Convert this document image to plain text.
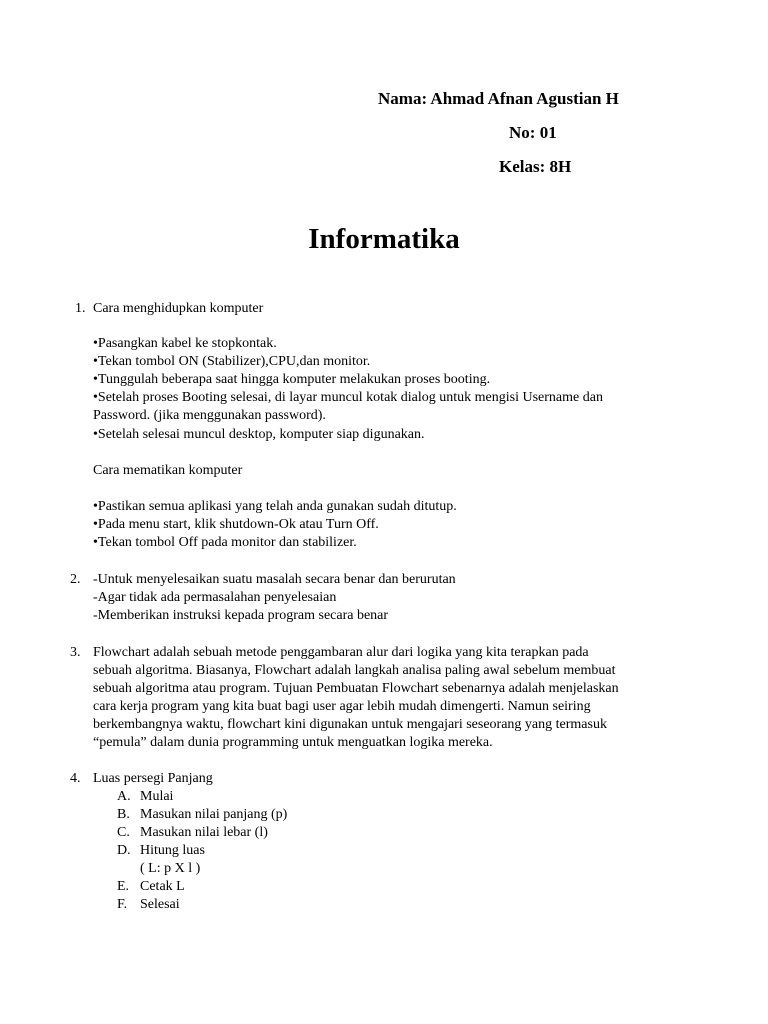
Nama: Ahmad Afnan Agustian H
No: 01
Kelas: 8H
Informatika
1. Cara menghidupkan komputer
•Pasangkan kabel ke stopkontak.
•Tekan tombol ON (Stabilizer),CPU,dan monitor.
•Tunggulah beberapa saat hingga komputer melakukan proses booting.
•Setelah proses Booting selesai, di layar muncul kotak dialog untuk mengisi Username dan
Password. (jika menggunakan password).
•Setelah selesai muncul desktop, komputer siap digunakan.
Cara mematikan komputer
•Pastikan semua aplikasi yang telah anda gunakan sudah ditutup.
•Pada menu start, klik shutdown-Ok atau Turn Off.
•Tekan tombol Off pada monitor dan stabilizer.
2. -Untuk menyelesaikan suatu masalah secara benar dan berurutan
-Agar tidak ada permasalahan penyelesaian
-Memberikan instruksi kepada program secara benar
3. Flowchart adalah sebuah metode penggambaran alur dari logika yang kita terapkan pada
sebuah algoritma. Biasanya, Flowchart adalah langkah analisa paling awal sebelum membuat
sebuah algoritma atau program. Tujuan Pembuatan Flowchart sebenarnya adalah menjelaskan
cara kerja program yang kita buat bagi user agar lebih mudah dimengerti. Namun seiring
berkembangnya waktu, flowchart kini digunakan untuk mengajari seseorang yang termasuk
“pemula” dalam dunia programming untuk menguatkan logika mereka.
4. Luas persegi Panjang
A. Mulai
B. Masukan nilai panjang (p)
C. Masukan nilai lebar (l)
D. Hitung luas
( L: p X l )
E. Cetak L
F. Selesai
